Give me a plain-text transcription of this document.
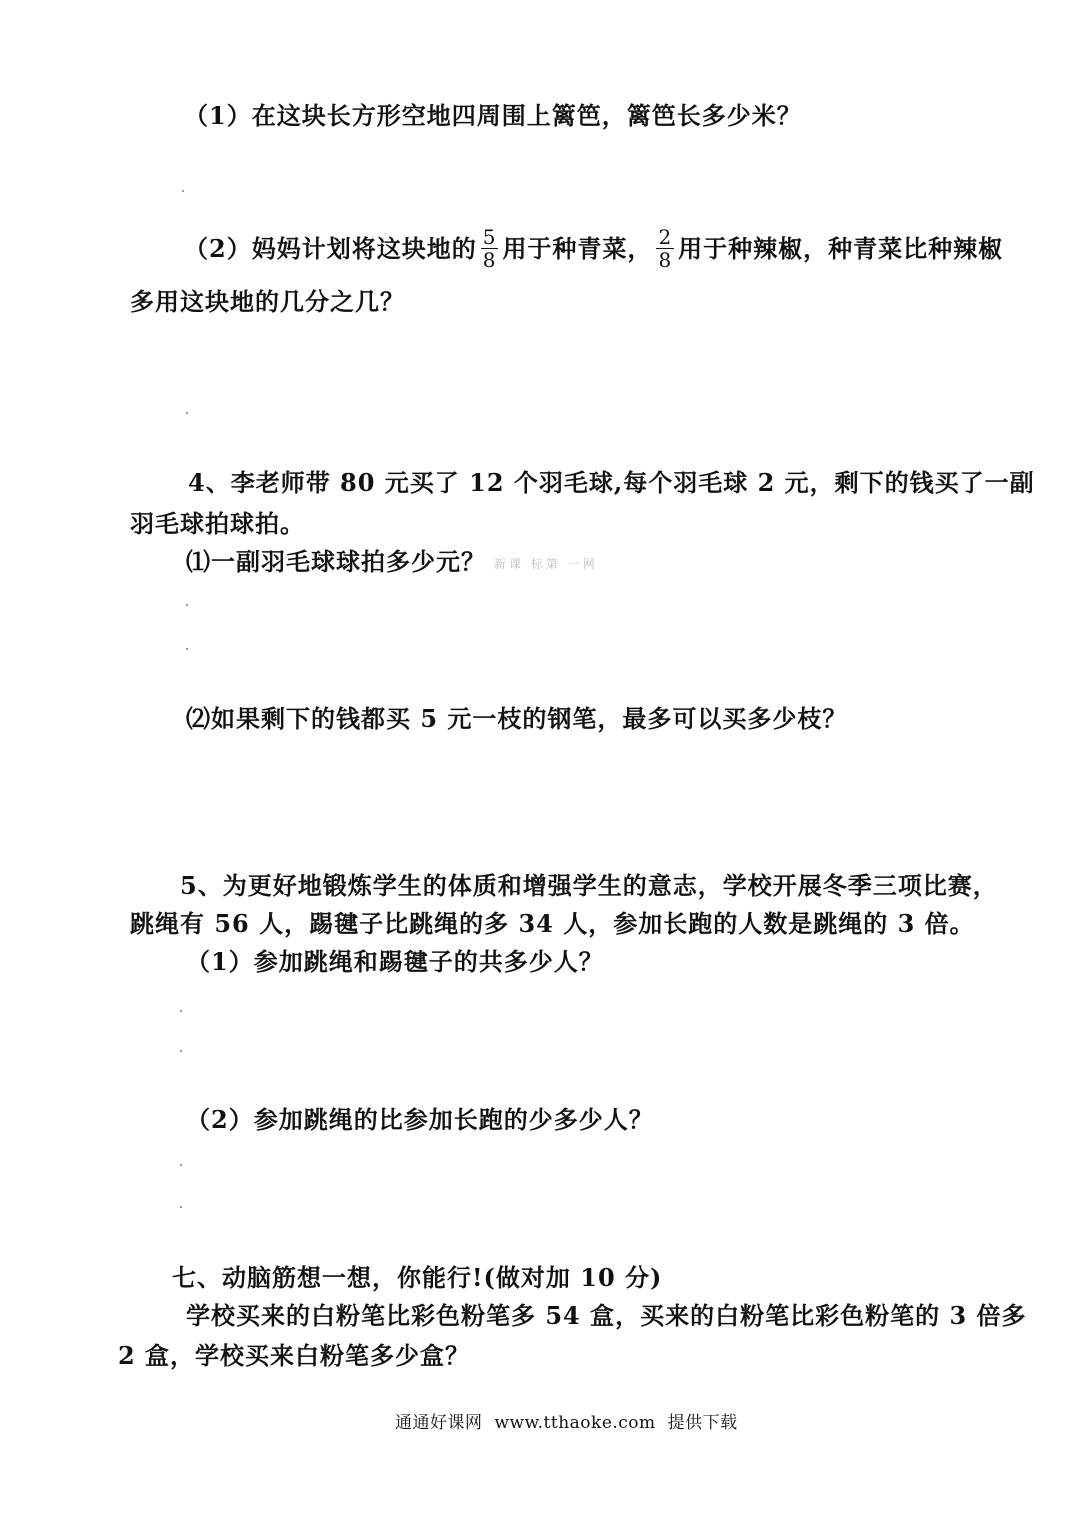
（1）在这块长方形空地四周围上篱笆，篱笆长多少米？
（2）妈妈计划将这块地的 $\frac{5}{8}$ 用于种青菜， $\frac{2}{8}$ 用于种辣椒，种青菜比种辣椒
多用这块地的几分之几？
4、李老师带 80 元买了 12 个羽毛球,每个羽毛球 2 元，剩下的钱买了一副
羽毛球拍球拍。
⑴一副羽毛球球拍多少元？ 新课 标第 一网
⑵如果剩下的钱都买 5 元一枝的钢笔，最多可以买多少枝？
5、为更好地锻炼学生的体质和增强学生的意志，学校开展冬季三项比赛，
跳绳有 56 人，踢毽子比跳绳的多 34 人，参加长跑的人数是跳绳的 3 倍。
（1）参加跳绳和踢毽子的共多少人？
（2）参加跳绳的比参加长跑的少多少人？
七、动脑筋想一想，你能行!(做对加 10 分)
学校买来的白粉笔比彩色粉笔多 54 盒，买来的白粉笔比彩色粉笔的 3 倍多
2 盒，学校买来白粉笔多少盒？
通通好课网 www.tthaoke.com 提供下载
